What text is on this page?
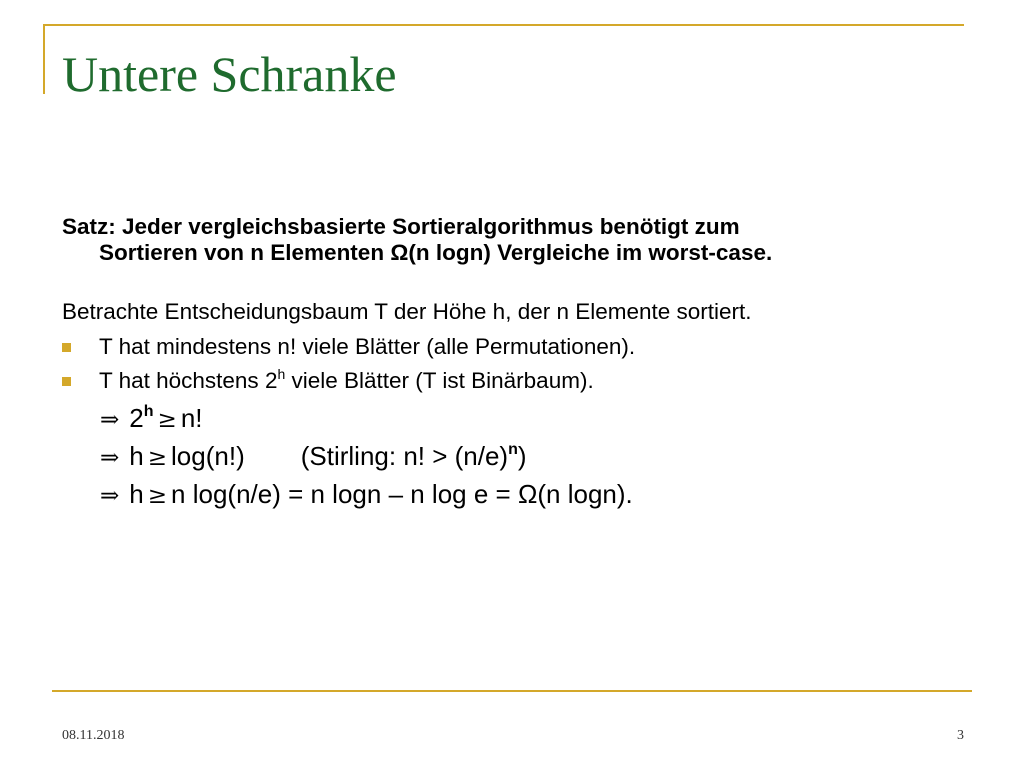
Untere Schranke

Satz: Jeder vergleichsbasierte Sortieralgorithmus benötigt zum
Sortieren von n Elementen Ω(n logn) Vergleiche im worst-case.

Betrachte Entscheidungsbaum T der Höhe h, der n Elemente sortiert.

T hat mindestens n! viele Blätter (alle Permutationen).
T hat höchstens 2$^h$ viele Blätter (T ist Binärbaum).
⇒ $2^h \ge n$!
⇒ h ≥ log(n!) (Stirling: n! > $(n/e)^n$)
⇒ h ≥ n log(n/e) = n logn – n log e = Ω(n logn).
08.11.2018	3
